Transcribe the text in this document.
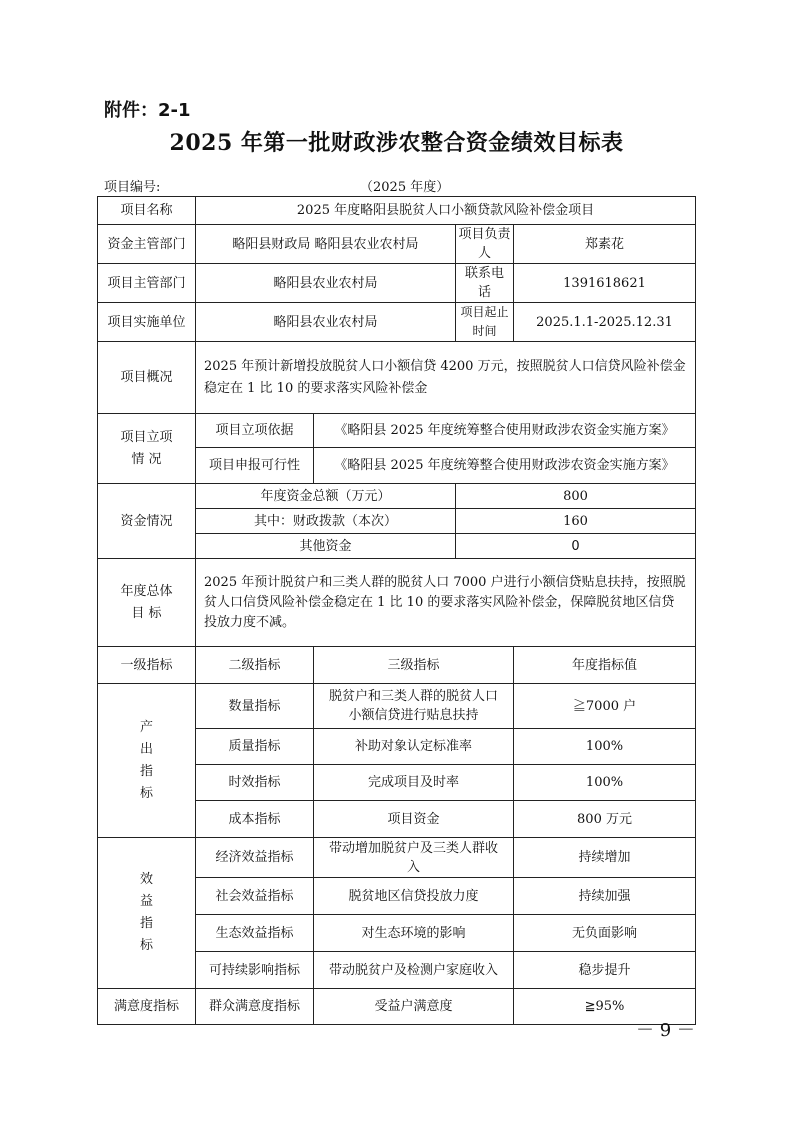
附件：2-1
2025 年第一批财政涉农整合资金绩效目标表
项目编号:	（2025 年度）
项目名称	2025 年度略阳县脱贫人口小额贷款风险补偿金项目			
资金主管部门	略阳县财政局 略阳县农业农村局		项目负责人	郑素花
项目主管部门	略阳县农业农村局		联系电话	1391618621
项目实施单位	略阳县农业农村局		项目起止时间	2025.1.1-2025.12.31
项目概况	2025 年预计新增投放脱贫人口小额信贷 4200 万元，按照脱贫人口信贷风险补偿金稳定在 1 比 10 的要求落实风险补偿金			

项目立项
情 况	项目立项依据	《略阳县 2025 年度统筹整合使用财政涉农资金实施方案》		
	项目申报可行性	《略阳县 2025 年度统筹整合使用财政涉农资金实施方案》		
资金情况	年度资金总额（万元）		800	
	其中：财政拨款（本次）		160	
	其他资金		0	

年度总体
目 标	2025 年预计脱贫户和三类人群的脱贫人口 7000 户进行小额信贷贴息扶持，按照脱贫人口信贷风险补偿金稳定在 1 比 10 的要求落实风险补偿金，保障脱贫地区信贷投放力度不减。			
一级指标	二级指标	三级指标		年度指标值

产
出
指
标	数量指标	脱贫户和三类人群的脱贫人口小额信贷进行贴息扶持		≧7000 户
	质量指标	补助对象认定标准率		100%
	时效指标	完成项目及时率		100%
	成本指标	项目资金		800 万元

效
益
指
标	经济效益指标	带动增加脱贫户及三类人群收入		持续增加
	社会效益指标	脱贫地区信贷投放力度		持续加强
	生态效益指标	对生态环境的影响		无负面影响
	可持续影响指标	带动脱贫户及检测户家庭收入		稳步提升
满意度指标	群众满意度指标	受益户满意度		≧95%
－ 9 －
